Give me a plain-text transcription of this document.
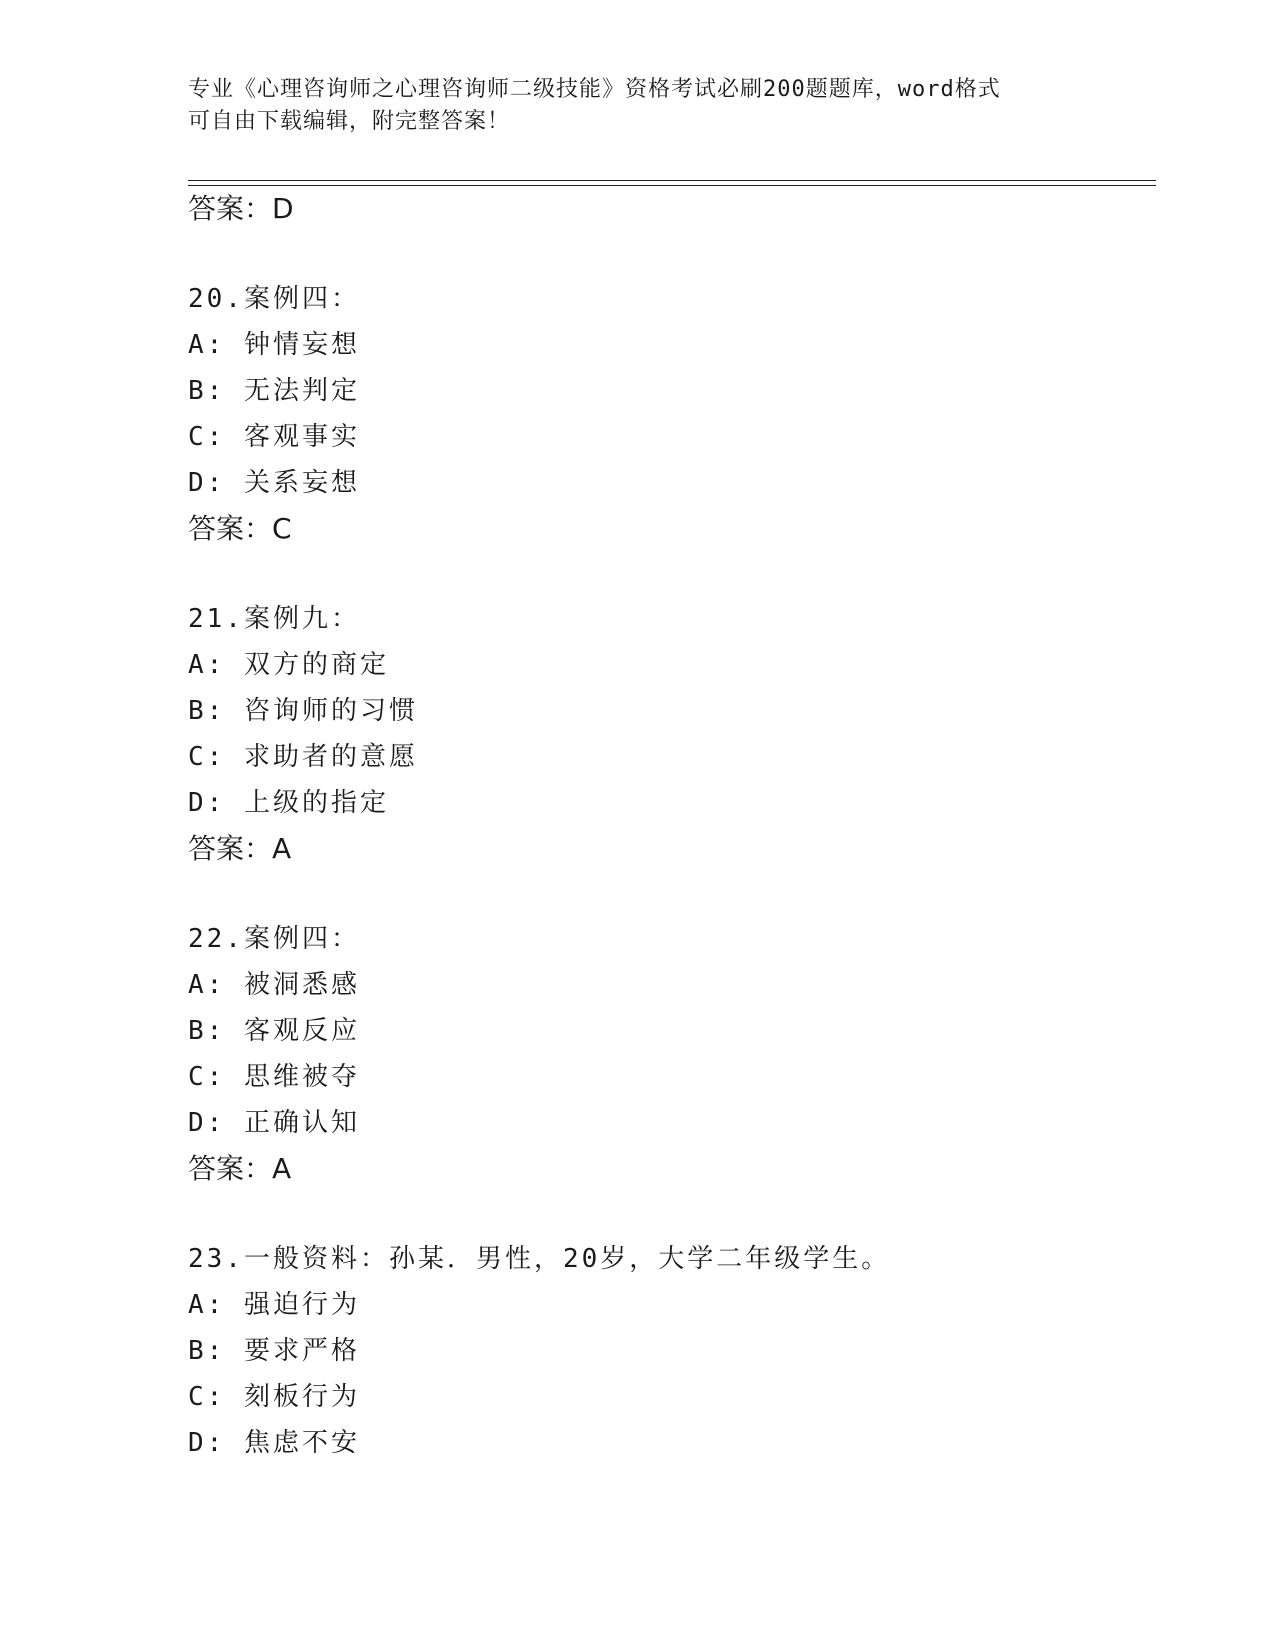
专业《心理咨询师之心理咨询师二级技能》资格考试必刷200题题库，word格式
可自由下载编辑，附完整答案！
答案：D
20.案例四：
A: 钟情妄想
B: 无法判定
C: 客观事实
D: 关系妄想
答案：C
21.案例九：
A: 双方的商定
B: 咨询师的习惯
C: 求助者的意愿
D: 上级的指定
答案：A
22.案例四：
A: 被洞悉感
B: 客观反应
C: 思维被夺
D: 正确认知
答案：A
23.一般资料：孙某．男性，20岁，大学二年级学生。
A: 强迫行为
B: 要求严格
C: 刻板行为
D: 焦虑不安
